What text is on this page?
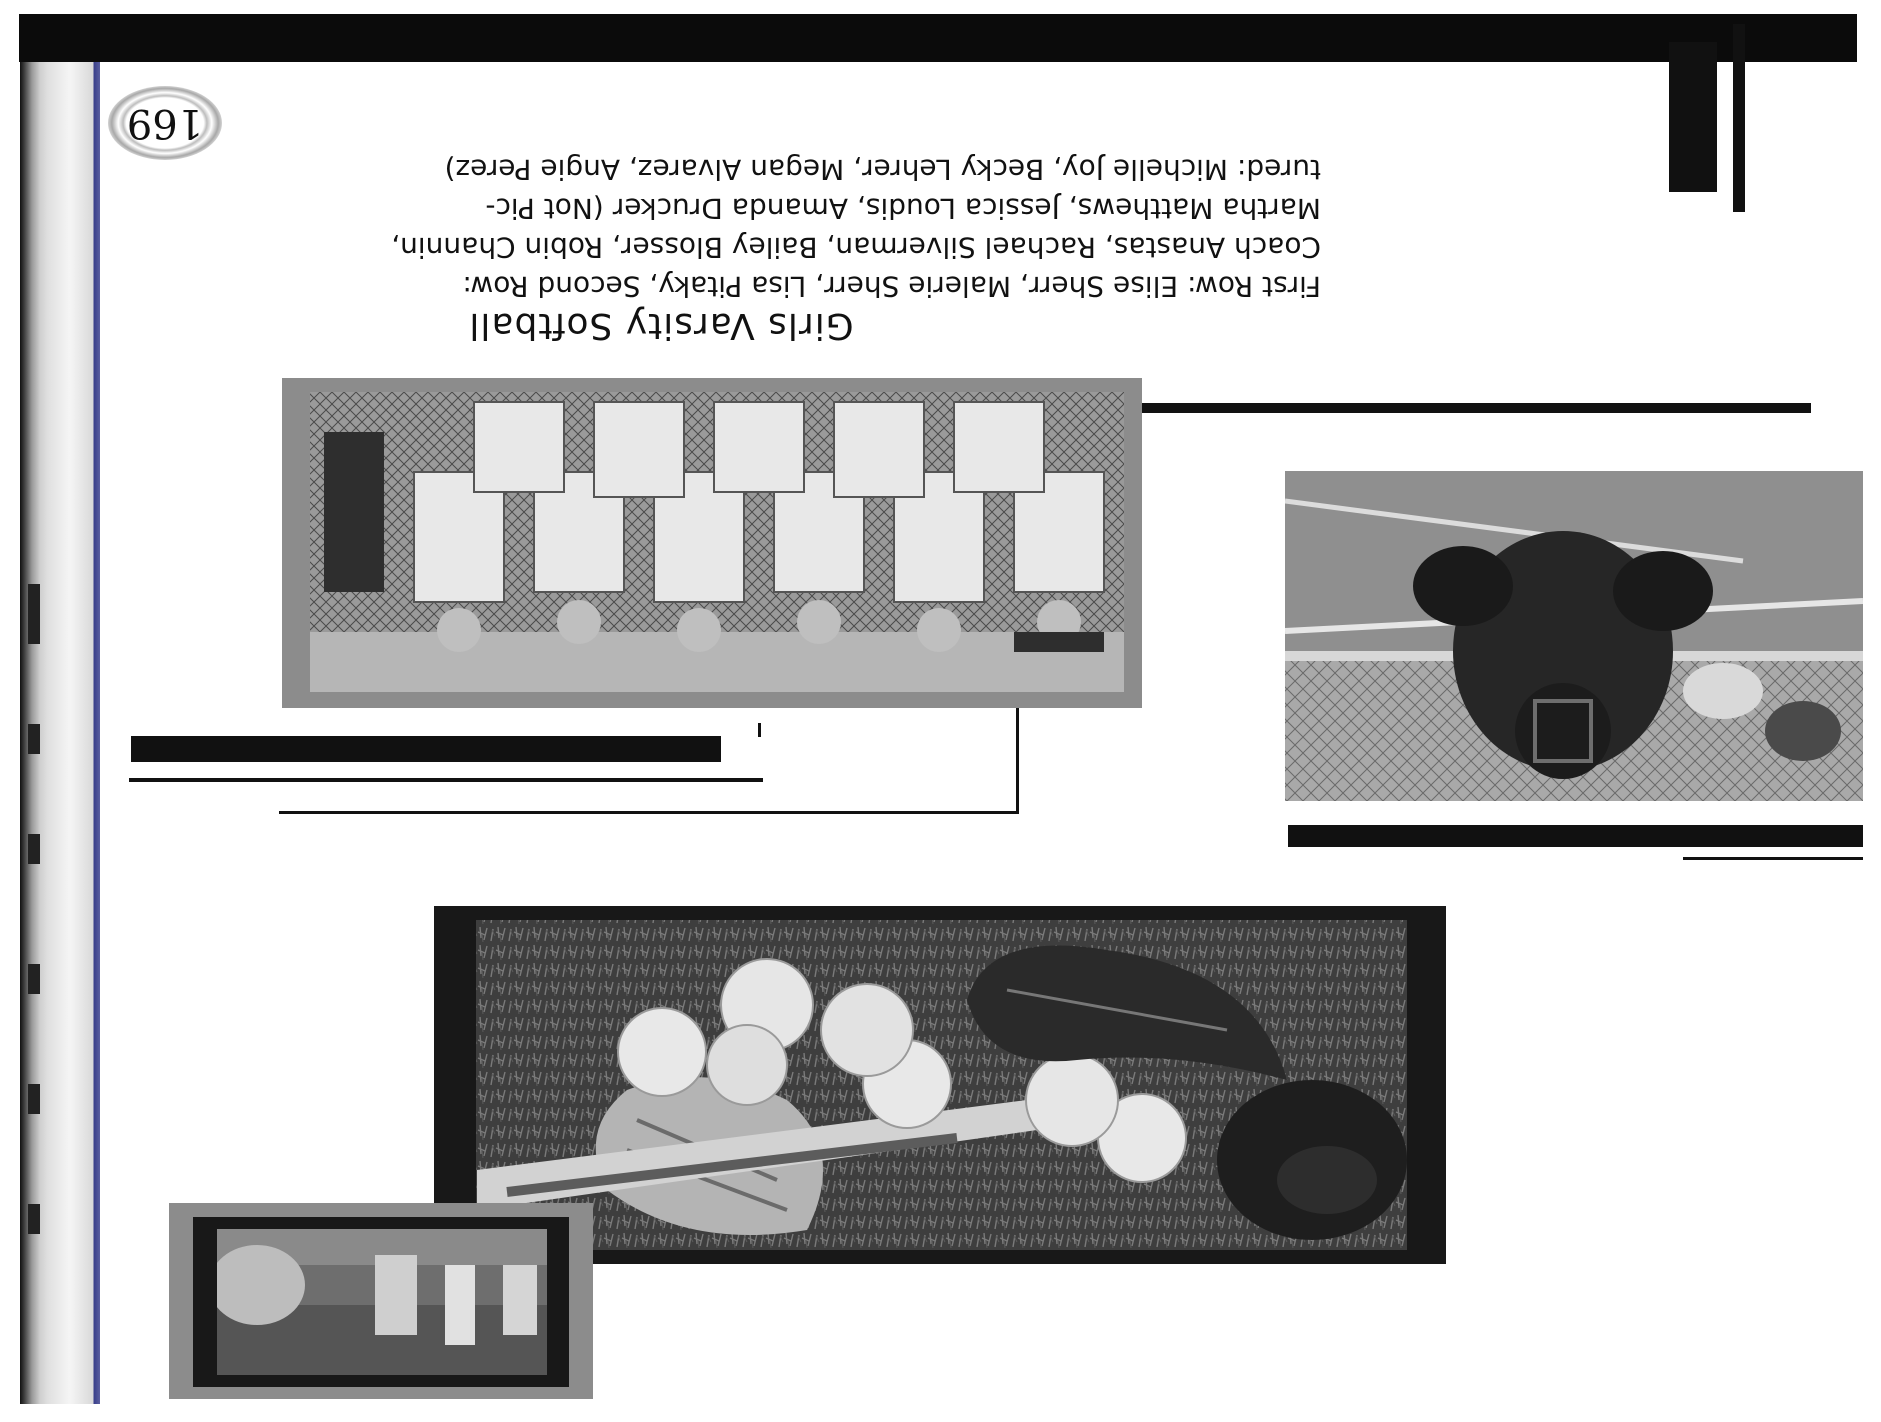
Girls Varsity Softball
First Row: Elise Sherr, Malerie Sherr, Lisa Pitaky, Second Row:
Coach Anastas, Rachael Silverman, Bailey Blosser, Robin Channin,
Martha Matthews, Jessica Loudis, Amanda Drucker (Not Pic-
tured: Michelle Joy, Becky Lehrer, Megan Alvarez, Angie Perez)
169
